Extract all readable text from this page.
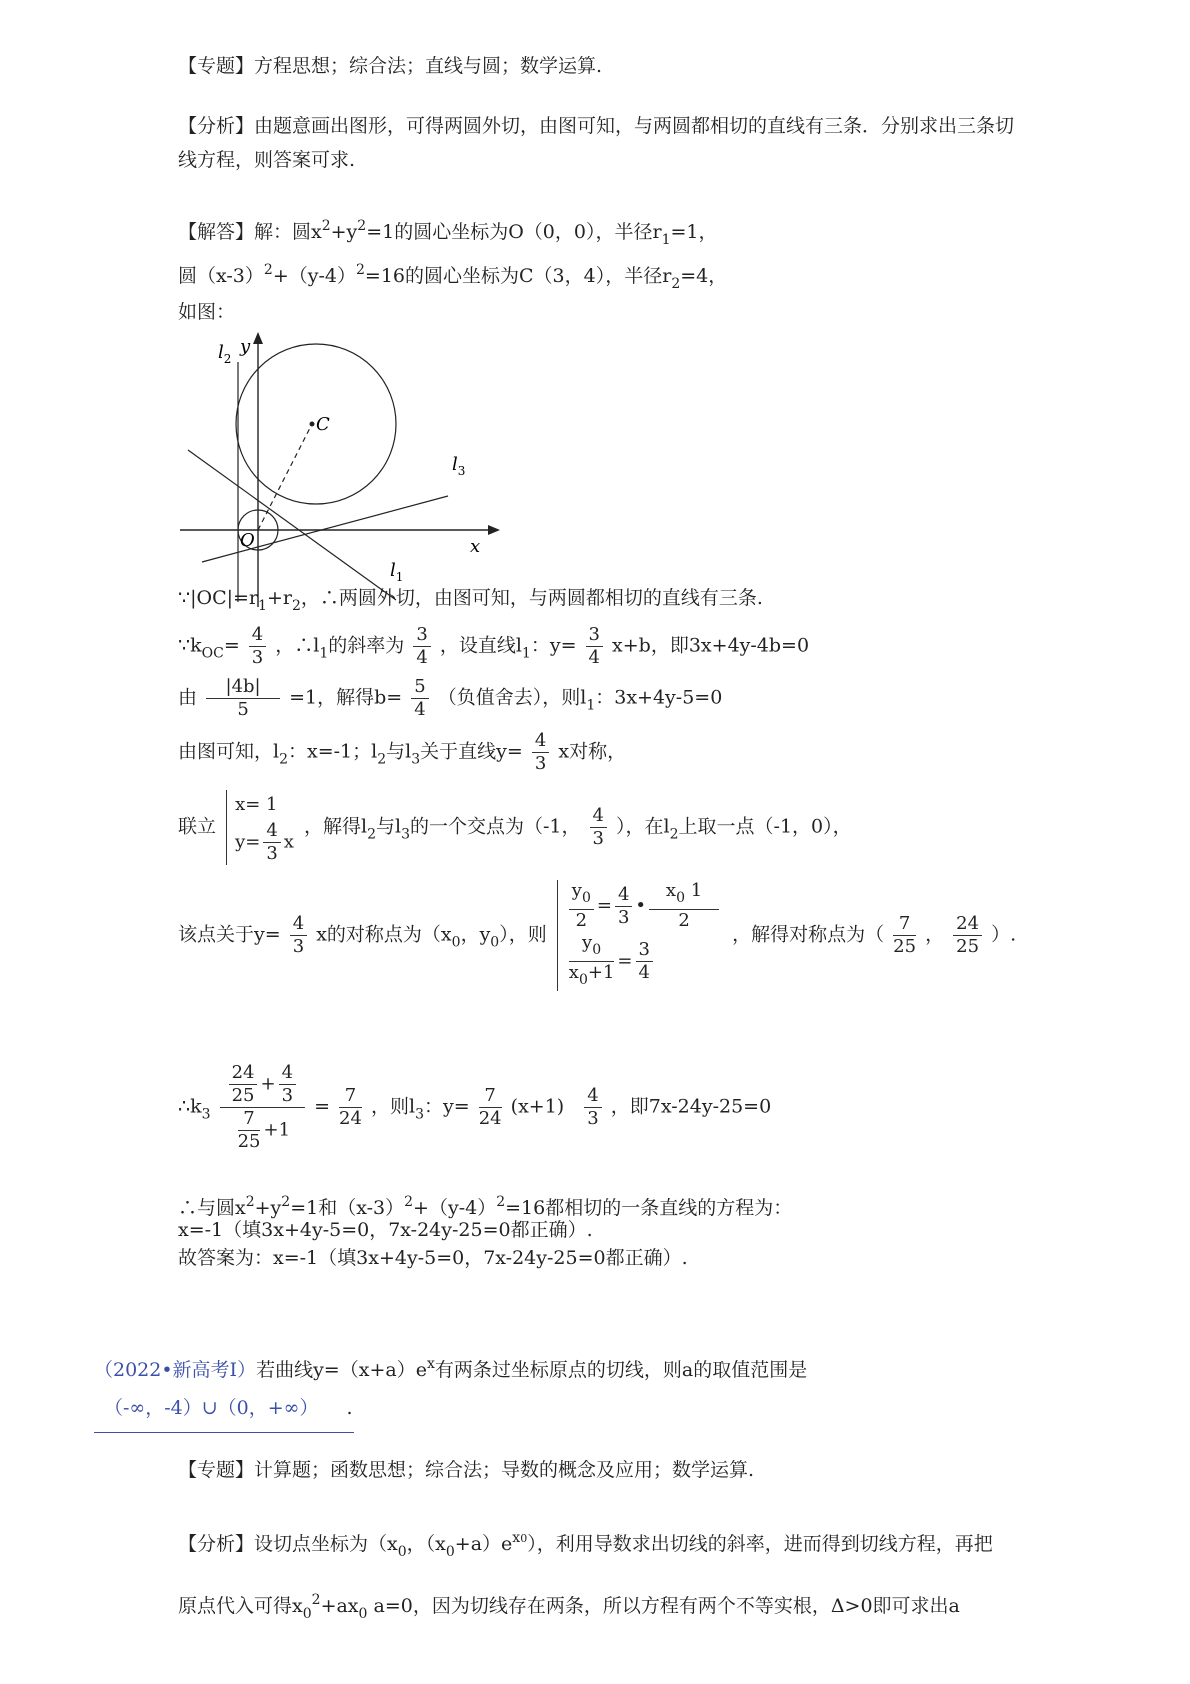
【专题】方程思想；综合法；直线与圆；数学运算.
【分析】由题意画出图形，可得两圆外切，由图可知，与两圆都相切的直线有三条．分别求出三条切
线方程，则答案可求.
【解答】解：圆$x^2+y^2=1$的圆心坐标为O（0，0），半径$r_1=1$，
圆$(x-3)^2+(y-4)^2=16$的圆心坐标为C（3，4），半径$r_2=4$，
如图：
y
x
O
C
$l_2$
$l_3$
$l_1$
$\because|OC|=r_1+r_2$，∴两圆外切，由图可知，与两圆都相切的直线有三条.
$\because k_{OC}= \frac{4}{3}$ ，$\therefore l_1$的斜率为 $\frac{3}{4}$ ，设直线$l_1$：$y= \frac{3}{4} x+b$，即3x+4y-4b=0
由 $\frac{|4b|}{5} =1$，解得$b= \frac{5}{4}$ （负值舍去），则$l_1$：3x+4y-5=0
由图可知，$l_2$：x=-1；$l_2$与$l_3$关于直线$y= \frac{4}{3}$ x对称，
联立
x= 1
$y= \frac{4}{3}$ x
，解得$l_2$与$l_3$的一个交点为（-1， $\frac{4}{3}$ ），在$l_2$上取一点（-1，0），
该点关于$y= \frac{4}{3}$ x的对称点为（$x_0$，$y_0$），则
$\frac{y_0}{2} = \frac{4}{3}$ • $\frac{x_0 1}{2}$
$\frac{y_0}{x_0+1} = \frac{3}{4}$
，解得对称点为（ $\frac{7}{25}$ ， $\frac{24}{25}$ ）.
$\therefore k_3 \frac{\frac{24}{25} + \frac{4}{3}}{\frac{7}{25} +1} = \frac{7}{24}$ ，则$l_3$：$y= \frac{7}{24} (x+1) \frac{4}{3}$ ，即7x-24y-25=0
∴与圆$x^2+y^2=1$和$(x-3)^2+(y-4)^2=16$都相切的一条直线的方程为：
x=-1（填3x+4y-5=0，7x-24y-25=0都正确）.
故答案为：x=-1（填3x+4y-5=0，7x-24y-25=0都正确）.
（2022•新高考Ⅰ）若曲线$y=(x+a)e^x$有两条过坐标原点的切线，则a的取值范围是
（-∞，-4）∪（0，+∞） .
【专题】计算题；函数思想；综合法；导数的概念及应用；数学运算.
【分析】设切点坐标为（$x_0$，$(x_0+a)e^{x0}$），利用导数求出切线的斜率，进而得到切线方程，再把
原点代入可得$x_0^2+ax_0$ a=0，因为切线存在两条，所以方程有两个不等实根，Δ>0即可求出a
